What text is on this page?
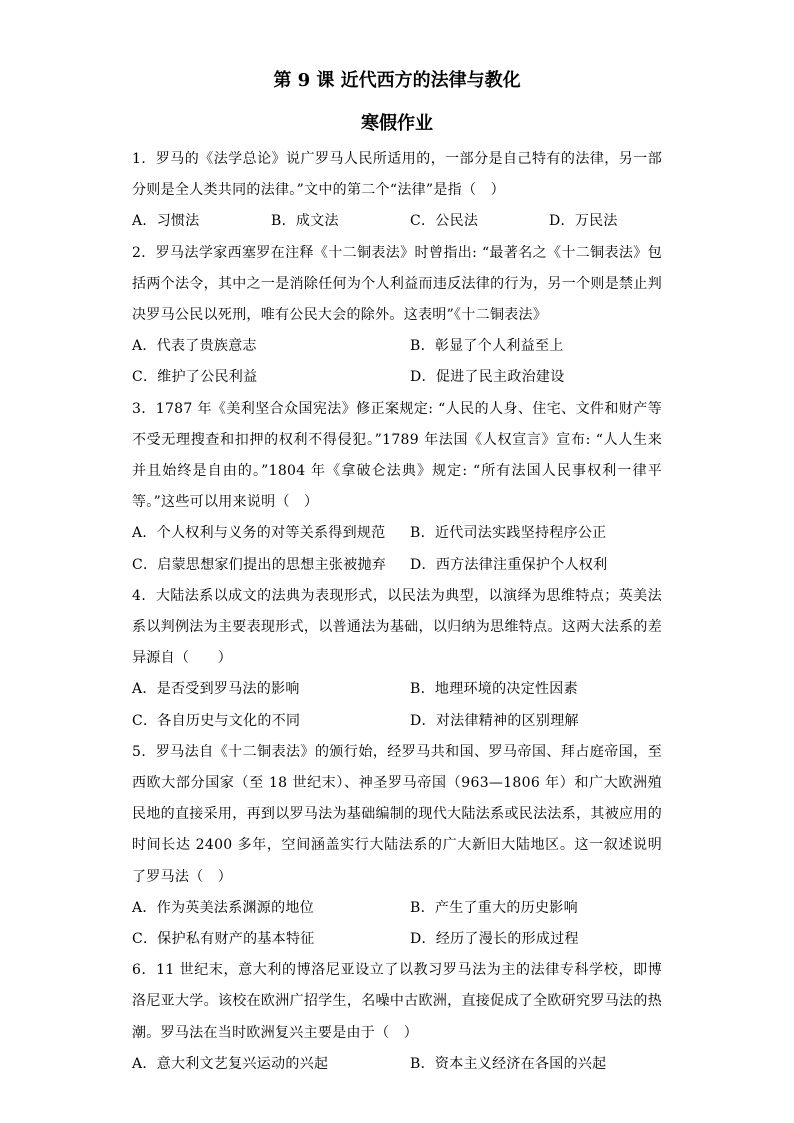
第 9 课 近代西方的法律与教化
寒假作业

1．罗马的《法学总论》说广罗马人民所适用的，一部分是自己特有的法律，另一部分则是全人类共同的法律。”文中的第二个“法律”是指（　）

A．习惯法	B．成文法	C．公民法	D．万民法

2．罗马法学家西塞罗在注释《十二铜表法》时曾指出: “最著名之《十二铜表法》包括两个法令，其中之一是消除任何为个人利益而违反法律的行为，另一个则是禁止判决罗马公民以死刑，唯有公民大会的除外。这表明”《十二铜表法》

A．代表了贵族意志	B．彰显了个人利益至上
C．维护了公民利益	D．促进了民主政治建设

3．1787 年《美利坚合众国宪法》修正案规定: “人民的人身、住宅、文件和财产等不受无理搜查和扣押的权利不得侵犯。”1789 年法国《人权宣言》宣布: “人人生来并且始终是自由的。”1804 年《拿破仑法典》规定: “所有法国人民事权利一律平等。”这些可以用来说明（　）

A．个人权利与义务的对等关系得到规范	B．近代司法实践坚持程序公正
C．启蒙思想家们提出的思想主张被抛弃	D．西方法律注重保护个人权利

4．大陆法系以成文的法典为表现形式，以民法为典型，以演绎为思维特点；英美法系以判例法为主要表现形式，以普通法为基础，以归纳为思维特点。这两大法系的差异源自（　　）

A．是否受到罗马法的影响	B．地理环境的决定性因素
C．各自历史与文化的不同	D．对法律精神的区别理解

5．罗马法自《十二铜表法》的颁行始，经罗马共和国、罗马帝国、拜占庭帝国，至西欧大部分国家（至 18 世纪末）、神圣罗马帝国（963—1806 年）和广大欧洲殖民地的直接采用，再到以罗马法为基础编制的现代大陆法系或民法法系，其被应用的时间长达 2400 多年，空间涵盖实行大陆法系的广大新旧大陆地区。这一叙述说明了罗马法（　）

A．作为英美法系渊源的地位	B．产生了重大的历史影响
C．保护私有财产的基本特征	D．经历了漫长的形成过程

6．11 世纪末，意大利的博洛尼亚设立了以教习罗马法为主的法律专科学校，即博洛尼亚大学。该校在欧洲广招学生，名噪中古欧洲，直接促成了全欧研究罗马法的热潮。罗马法在当时欧洲复兴主要是由于（　）

A．意大利文艺复兴运动的兴起	B．资本主义经济在各国的兴起
